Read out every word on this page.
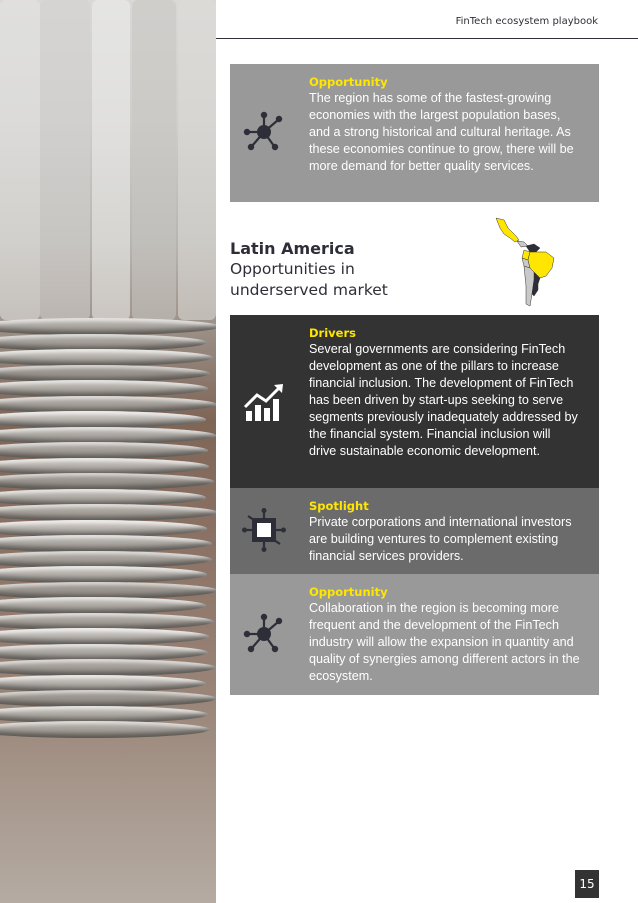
FinTech ecosystem playbook
Opportunity
The region has some of the fastest-growing economies with the largest population bases, and a strong historical and cultural heritage. As these economies continue to grow, there will be more demand for better quality services.
Latin America
Opportunities in underserved market
Drivers
Several governments are considering FinTech development as one of the pillars to increase financial inclusion. The development of FinTech has been driven by start-ups seeking to serve segments previously inadequately addressed by the financial system. Financial inclusion will drive sustainable economic development.
Spotlight
Private corporations and international investors are building ventures to complement existing financial services providers.
Opportunity
Collaboration in the region is becoming more frequent and the development of the FinTech industry will allow the expansion in quantity and quality of synergies among different actors in the ecosystem.
15
